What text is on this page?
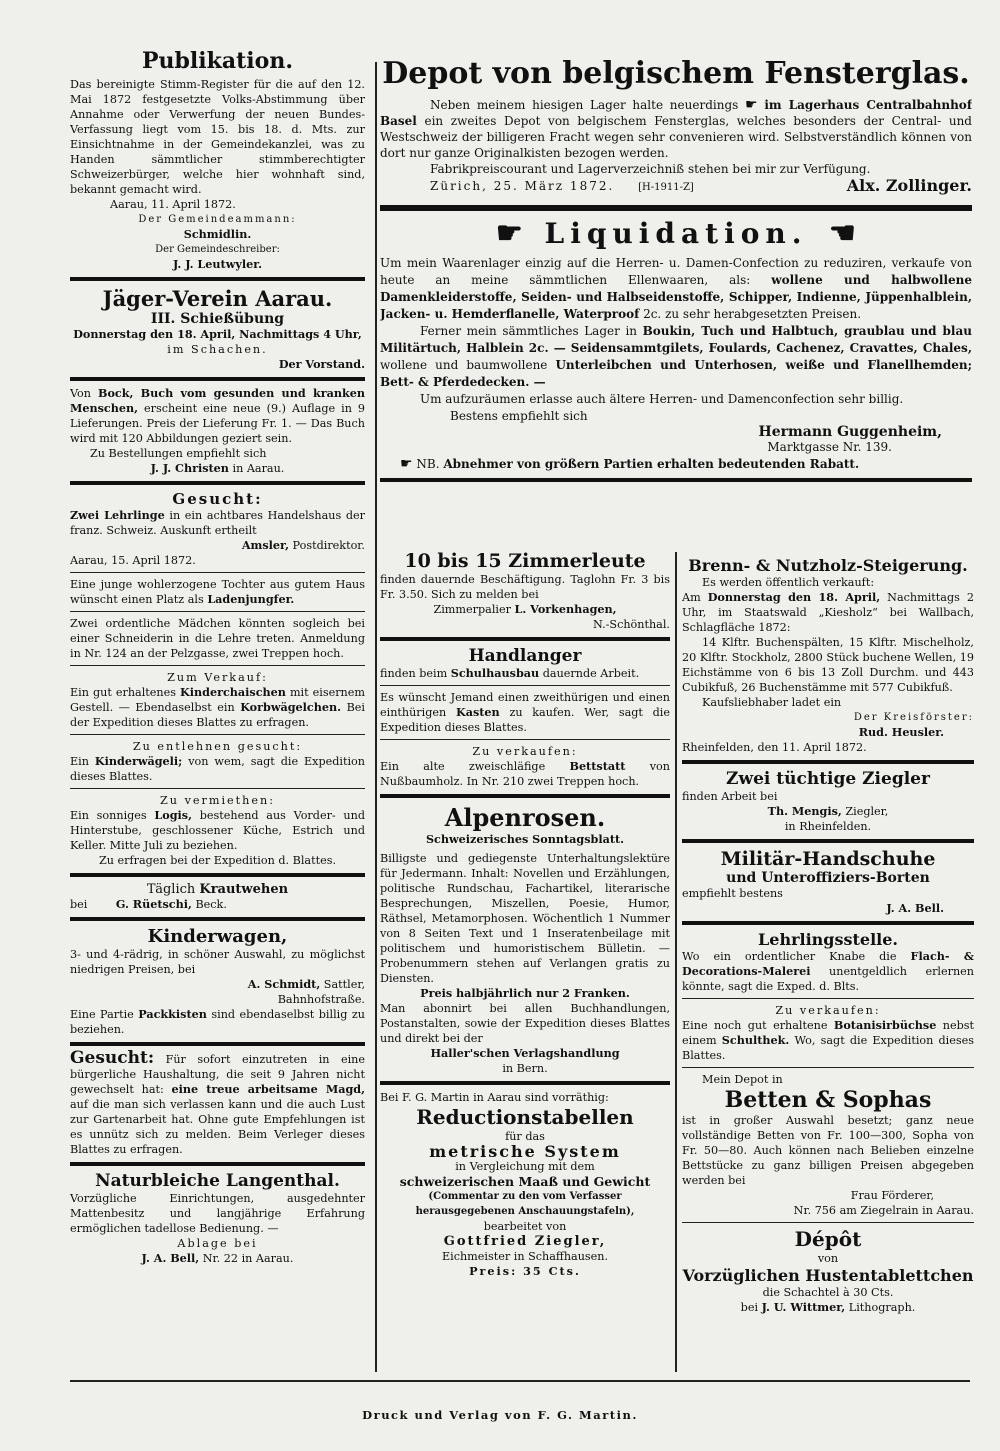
Publikation.

Das bereinigte Stimm-Register für die auf den 12. Mai 1872 festgesetzte Volks-Abstimmung über Annahme oder Verwerfung der neuen Bundes-Verfassung liegt vom 15. bis 18. d. Mts. zur Einsichtnahme in der Gemeindekanzlei, was zu Handen sämmtlicher stimmberechtigter Schweizerbürger, welche hier wohnhaft sind, bekannt gemacht wird.

Aarau, 11. April 1872.

Der Gemeindeammann:

Schmidlin.

Der Gemeindeschreiber:

J. J. Leutwyler.

Jäger-Verein Aarau.

III. Schießübung

Donnerstag den 18. April, Nachmittags 4 Uhr,

im Schachen.

Der Vorstand.

Von Bock, Buch vom gesunden und kranken Menschen, erscheint eine neue (9.) Auflage in 9 Lieferungen. Preis der Lieferung Fr. 1. — Das Buch wird mit 120 Abbildungen geziert sein.

Zu Bestellungen empfiehlt sich

J. J. Christen in Aarau.

Gesucht:

Zwei Lehrlinge in ein achtbares Handelshaus der franz. Schweiz. Auskunft ertheilt

Amsler, Postdirektor.

Aarau, 15. April 1872.

Eine junge wohlerzogene Tochter aus gutem Haus wünscht einen Platz als Ladenjungfer.

Zwei ordentliche Mädchen könnten sogleich bei einer Schneiderin in die Lehre treten. Anmeldung in Nr. 124 an der Pelzgasse, zwei Treppen hoch.

Zum Verkauf:

Ein gut erhaltenes Kinderchaischen mit eisernem Gestell. — Ebendaselbst ein Korbwägelchen. Bei der Expedition dieses Blattes zu erfragen.

Zu entlehnen gesucht:

Ein Kinderwägeli; von wem, sagt die Expedition dieses Blattes.

Zu vermiethen:

Ein sonniges Logis, bestehend aus Vorder- und Hinterstube, geschlossener Küche, Estrich und Keller. Mitte Juli zu beziehen.

Zu erfragen bei der Expedition d. Blattes.

Täglich Krautwehen

bei	G. Rüetschi, Beck.

Kinderwagen,

3- und 4-rädrig, in schöner Auswahl, zu möglichst niedrigen Preisen, bei

A. Schmidt, Sattler,

Bahnhofstraße.

Eine Partie Packkisten sind ebendaselbst billig zu beziehen.

Gesucht: Für sofort einzutreten in eine bürgerliche Haushaltung, die seit 9 Jahren nicht gewechselt hat: eine treue arbeitsame Magd, auf die man sich verlassen kann und die auch Lust zur Gartenarbeit hat. Ohne gute Empfehlungen ist es unnütz sich zu melden. Beim Verleger dieses Blattes zu erfragen.

Naturbleiche Langenthal.

Vorzügliche Einrichtungen, ausgedehnter Mattenbesitz und langjährige Erfahrung ermöglichen tadellose Bedienung. —

Ablage bei

J. A. Bell, Nr. 22 in Aarau.

Depot von belgischem Fensterglas.

Neben meinem hiesigen Lager halte neuerdings ☛ im Lagerhaus Centralbahnhof Basel ein zweites Depot von belgischem Fensterglas, welches besonders der Central- und Westschweiz der billigeren Fracht wegen sehr convenieren wird. Selbstverständlich können von dort nur ganze Originalkisten bezogen werden.

Fabrikpreiscourant und Lagerverzeichniß stehen bei mir zur Verfügung.

Zürich, 25. März 1872. [H-1911-Z]	Alx. Zollinger.

☛ Liquidation. ☛

Um mein Waarenlager einzig auf die Herren- u. Damen-Confection zu reduziren, verkaufe von heute an meine sämmtlichen Ellenwaaren, als: wollene und halbwollene Damenkleiderstoffe, Seiden- und Halbseidenstoffe, Schipper, Indienne, Jüppenhalblein, Jacken- u. Hemderflanelle, Waterproof 2c. zu sehr herabgesetzten Preisen.

Ferner mein sämmtliches Lager in Boukin, Tuch und Halbtuch, graublau und blau Militärtuch, Halblein 2c. — Seidensammtgilets, Foulards, Cachenez, Cravattes, Chales, wollene und baumwollene Unterleibchen und Unterhosen, weiße und Flanellhemden; Bett- & Pferdedecken. —

Um aufzuräumen erlasse auch ältere Herren- und Damenconfection sehr billig.

Bestens empfiehlt sich

Hermann Guggenheim,

Marktgasse Nr. 139.

☛ NB. Abnehmer von größern Partien erhalten bedeutenden Rabatt.

10 bis 15 Zimmerleute

finden dauernde Beschäftigung. Taglohn Fr. 3 bis Fr. 3.50. Sich zu melden bei

Zimmerpalier L. Vorkenhagen,

N.-Schönthal.

Handlanger

finden beim Schulhausbau dauernde Arbeit.

Es wünscht Jemand einen zweithürigen und einen einthürigen Kasten zu kaufen. Wer, sagt die Expedition dieses Blattes.

Zu verkaufen:

Ein alte zweischläfige Bettstatt von Nußbaumholz. In Nr. 210 zwei Treppen hoch.

Alpenrosen.

Schweizerisches Sonntagsblatt.

Billigste und gediegenste Unterhaltungslektüre für Jedermann. Inhalt: Novellen und Erzählungen, politische Rundschau, Fachartikel, literarische Besprechungen, Miszellen, Poesie, Humor, Räthsel, Metamorphosen. Wöchentlich 1 Nummer von 8 Seiten Text und 1 Inseratenbeilage mit politischem und humoristischem Bülletin. — Probenummern stehen auf Verlangen gratis zu Diensten.

Preis halbjährlich nur 2 Franken.

Man abonnirt bei allen Buchhandlungen, Postanstalten, sowie der Expedition dieses Blattes und direkt bei der

Haller'schen Verlagshandlung

in Bern.

Bei F. G. Martin in Aarau sind vorräthig:

Reductionstabellen

für das

metrische System

in Vergleichung mit dem

schweizerischen Maaß und Gewicht

(Commentar zu den vom Verfasser herausgegebenen Anschauungstafeln),

bearbeitet von

Gottfried Ziegler,

Eichmeister in Schaffhausen.

Preis: 35 Cts.

Brenn- & Nutzholz-Steigerung.

Es werden öffentlich verkauft:

Am Donnerstag den 18. April, Nachmittags 2 Uhr, im Staatswald „Kiesholz“ bei Wallbach, Schlagfläche 1872:

14 Klftr. Buchenspälten, 15 Klftr. Mischelholz, 20 Klftr. Stockholz, 2800 Stück buchene Wellen, 19 Eichstämme von 6 bis 13 Zoll Durchm. und 443 Cubikfuß, 26 Buchenstämme mit 577 Cubikfuß.

Kaufsliebhaber ladet ein

Der Kreisförster:

Rud. Heusler.

Rheinfelden, den 11. April 1872.

Zwei tüchtige Ziegler

finden Arbeit bei

Th. Mengis, Ziegler,

in Rheinfelden.

Militär-Handschuhe

und Unteroffiziers-Borten

empfiehlt bestens

J. A. Bell.

Lehrlingsstelle.

Wo ein ordentlicher Knabe die Flach- & Decorations-Malerei unentgeldlich erlernen könnte, sagt die Exped. d. Blts.

Zu verkaufen:

Eine noch gut erhaltene Botanisirbüchse nebst einem Schulthek. Wo, sagt die Expedition dieses Blattes.

Mein Depot in

Betten & Sophas

ist in großer Auswahl besetzt; ganz neue vollständige Betten von Fr. 100—300, Sopha von Fr. 50—80. Auch können nach Belieben einzelne Bettstücke zu ganz billigen Preisen abgegeben werden bei

Frau Förderer,

Nr. 756 am Ziegelrain in Aarau.

Dépôt

von

Vorzüglichen Hustentablettchen

die Schachtel à 30 Cts.

bei J. U. Wittmer, Lithograph.

Druck und Verlag von F. G. Martin.
